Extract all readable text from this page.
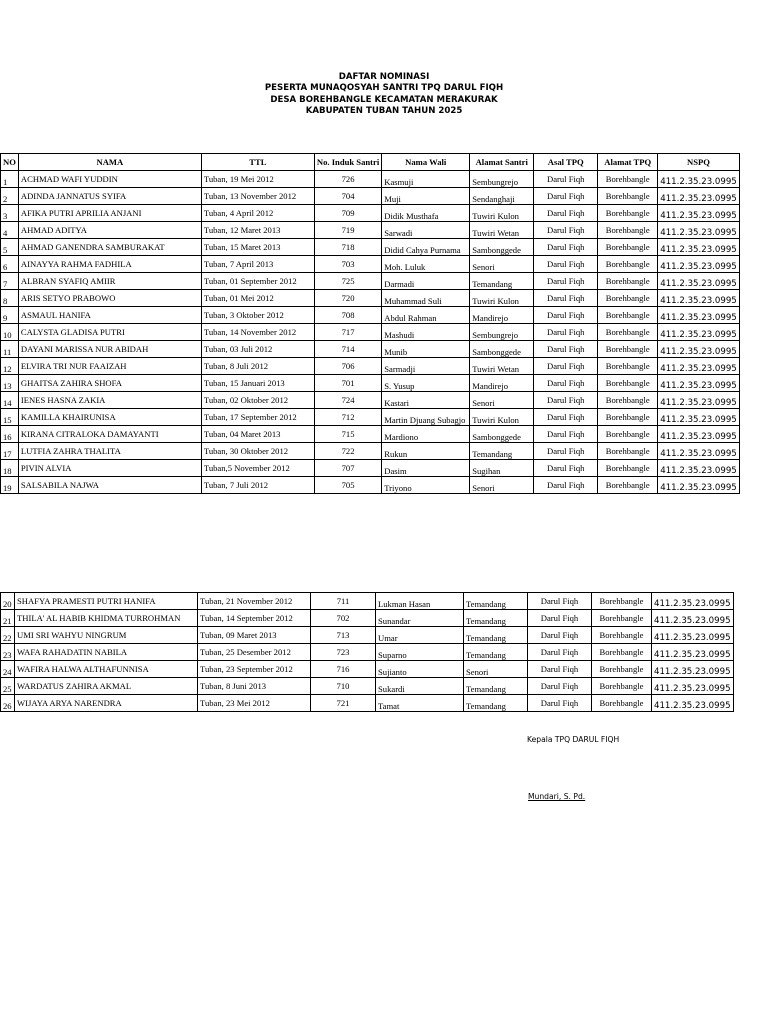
DAFTAR NOMINASI
PESERTA MUNAQOSYAH SANTRI TPQ DARUL FIQH
DESA BOREHBANGLE KECAMATAN MERAKURAK
KABUPATEN TUBAN TAHUN 2025
NO	NAMA	TTL	No. Induk Santri	Nama Wali	Alamat Santri	Asal TPQ	Alamat TPQ	NSPQ
1	ACHMAD WAFI YUDDIN	Tuban, 19 Mei 2012	726	Kasmuji	Sembungrejo	Darul Fiqh	Borehbangle	411.2.35.23.0995
2	ADINDA JANNATUS SYIFA	Tuban, 13 November 2012	704	Muji	Sendanghaji	Darul Fiqh	Borehbangle	411.2.35.23.0995
3	AFIKA PUTRI APRILIA ANJANI	Tuban, 4 April 2012	709	Didik Musthafa	Tuwiri Kulon	Darul Fiqh	Borehbangle	411.2.35.23.0995
4	AHMAD ADITYA	Tuban, 12 Maret 2013	719	Sarwadi	Tuwiri Wetan	Darul Fiqh	Borehbangle	411.2.35.23.0995
5	AHMAD GANENDRA SAMBURAKAT	Tuban, 15 Maret 2013	718	Didid Cahya Purnama	Sambonggede	Darul Fiqh	Borehbangle	411.2.35.23.0995
6	AINAYYA RAHMA FADHILA	Tuban, 7 April 2013	703	Moh. Luluk	Senori	Darul Fiqh	Borehbangle	411.2.35.23.0995
7	ALBRAN SYAFIQ AMIIR	Tuban, 01 September 2012	725	Darmadi	Temandang	Darul Fiqh	Borehbangle	411.2.35.23.0995
8	ARIS SETYO PRABOWO	Tuban, 01 Mei 2012	720	Muhammad Suli	Tuwiri Kulon	Darul Fiqh	Borehbangle	411.2.35.23.0995
9	ASMAUL HANIFA	Tuban, 3 Oktober 2012	708	Abdul Rahman	Mandirejo	Darul Fiqh	Borehbangle	411.2.35.23.0995
10	CALYSTA GLADISA PUTRI	Tuban, 14 November 2012	717	Mashudi	Sembungrejo	Darul Fiqh	Borehbangle	411.2.35.23.0995
11	DAYANI MARISSA NUR ABIDAH	Tuban, 03 Juli 2012	714	Munib	Sambonggede	Darul Fiqh	Borehbangle	411.2.35.23.0995
12	ELVIRA TRI NUR FAAIZAH	Tuban, 8 Juli 2012	706	Sarmadji	Tuwiri Wetan	Darul Fiqh	Borehbangle	411.2.35.23.0995
13	GHAITSA ZAHIRA SHOFA	Tuban, 15 Januari 2013	701	S. Yusup	Mandirejo	Darul Fiqh	Borehbangle	411.2.35.23.0995
14	IENES HASNA ZAKIA	Tuban, 02 Oktober 2012	724	Kastari	Senori	Darul Fiqh	Borehbangle	411.2.35.23.0995
15	KAMILLA KHAIRUNISA	Tuban, 17 September 2012	712	Martin Djuang Subagjo	Tuwiri Kulon	Darul Fiqh	Borehbangle	411.2.35.23.0995
16	KIRANA CITRALOKA DAMAYANTI	Tuban, 04 Maret 2013	715	Mardiono	Sambonggede	Darul Fiqh	Borehbangle	411.2.35.23.0995
17	LUTFIA ZAHRA THALITA	Tuban, 30 Oktober 2012	722	Rukun	Temandang	Darul Fiqh	Borehbangle	411.2.35.23.0995
18	PIVIN ALVIA	Tuban,5 November 2012	707	Dasim	Sugihan	Darul Fiqh	Borehbangle	411.2.35.23.0995
19	SALSABILA NAJWA	Tuban, 7 Juli 2012	705	Triyono	Senori	Darul Fiqh	Borehbangle	411.2.35.23.0995
20	SHAFYA PRAMESTI PUTRI HANIFA	Tuban, 21 November 2012	711	Lukman Hasan	Temandang	Darul Fiqh	Borehbangle	411.2.35.23.0995
21	THILA' AL HABIB KHIDMA TURROHMAN	Tuban, 14 September 2012	702	Sunandar	Temandang	Darul Fiqh	Borehbangle	411.2.35.23.0995
22	UMI SRI WAHYU NINGRUM	Tuban, 09 Maret 2013	713	Umar	Temandang	Darul Fiqh	Borehbangle	411.2.35.23.0995
23	WAFA RAHADATIN NABILA	Tuban, 25 Desember 2012	723	Suparno	Temandang	Darul Fiqh	Borehbangle	411.2.35.23.0995
24	WAFIRA HALWA ALTHAFUNNISA	Tuban, 23 September 2012	716	Sujianto	Senori	Darul Fiqh	Borehbangle	411.2.35.23.0995
25	WARDATUS ZAHIRA AKMAL	Tuban, 8 Juni 2013	710	Sukardi	Temandang	Darul Fiqh	Borehbangle	411.2.35.23.0995
26	WIJAYA ARYA NARENDRA	Tuban, 23 Mei 2012	721	Tamat	Temandang	Darul Fiqh	Borehbangle	411.2.35.23.0995
Kepala TPQ DARUL FIQH
Mundari, S. Pd.
